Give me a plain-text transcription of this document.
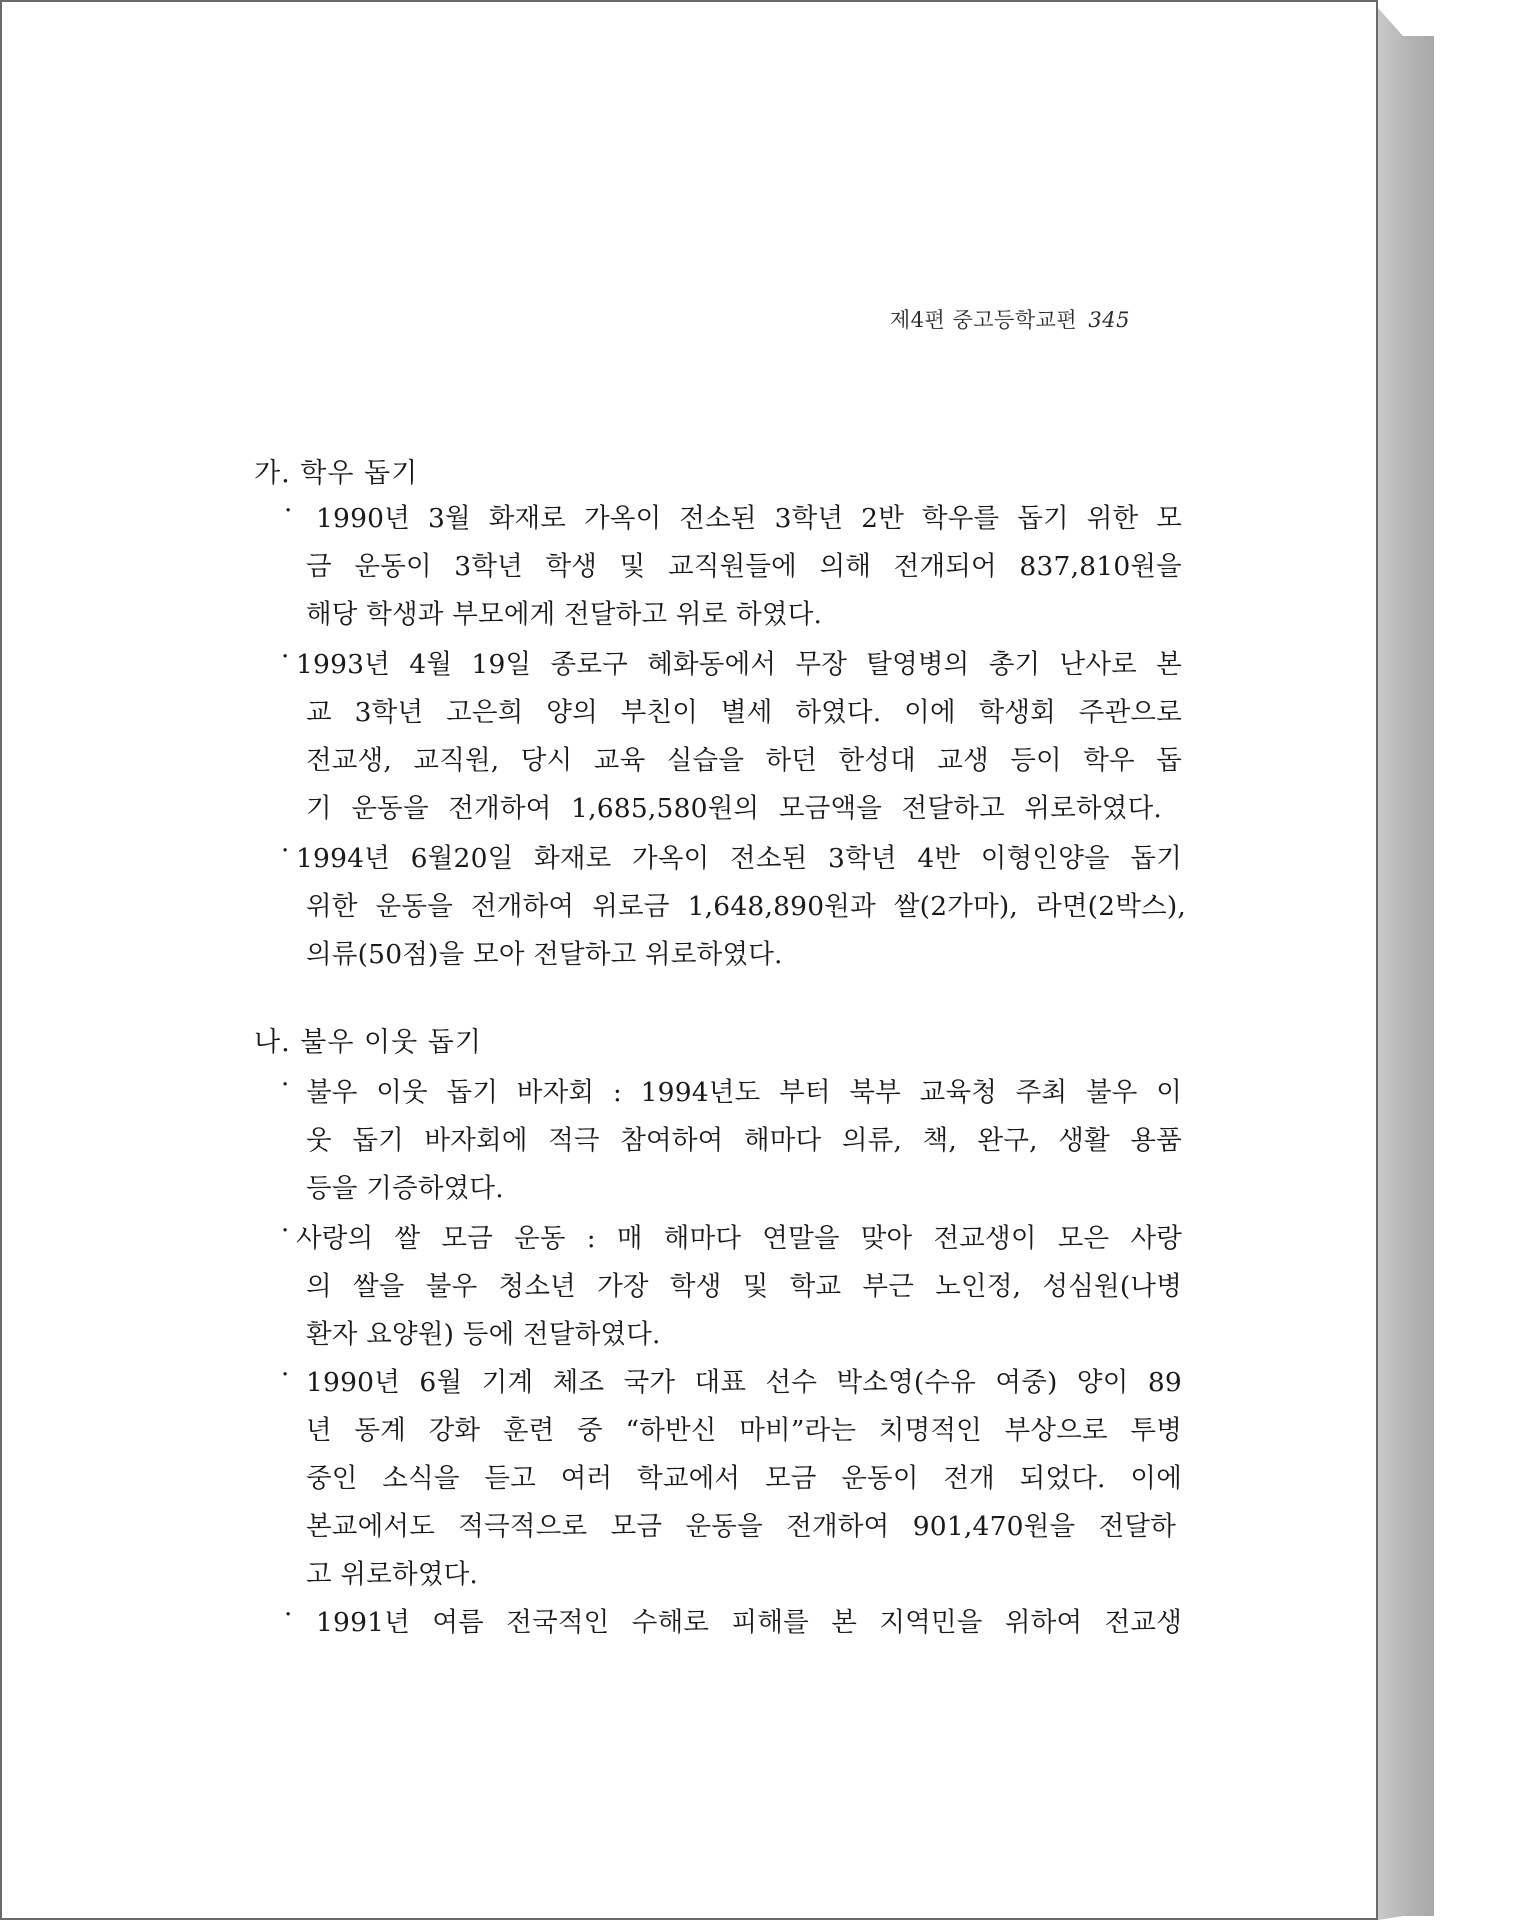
제4편 중고등학교편 345
가. 학우 돕기
· 1990년 3월 화재로 가옥이 전소된 3학년 2반 학우를 돕기 위한 모
금 운동이 3학년 학생 및 교직원들에 의해 전개되어 837,810원을
해당 학생과 부모에게 전달하고 위로 하였다.
· 1993년 4월 19일 종로구 혜화동에서 무장 탈영병의 총기 난사로 본
교 3학년 고은희 양의 부친이 별세 하였다. 이에 학생회 주관으로
전교생, 교직원, 당시 교육 실습을 하던 한성대 교생 등이 학우 돕
기 운동을 전개하여 1,685,580원의 모금액을 전달하고 위로하였다.
· 1994년 6월20일 화재로 가옥이 전소된 3학년 4반 이형인양을 돕기
위한 운동을 전개하여 위로금 1,648,890원과 쌀(2가마), 라면(2박스),
의류(50점)을 모아 전달하고 위로하였다.
나. 불우 이웃 돕기
· 불우 이웃 돕기 바자회 : 1994년도 부터 북부 교육청 주최 불우 이
웃 돕기 바자회에 적극 참여하여 해마다 의류, 책, 완구, 생활 용품
등을 기증하였다.
· 사랑의 쌀 모금 운동 : 매 해마다 연말을 맞아 전교생이 모은 사랑
의 쌀을 불우 청소년 가장 학생 및 학교 부근 노인정, 성심원(나병
환자 요양원) 등에 전달하였다.
· 1990년 6월 기계 체조 국가 대표 선수 박소영(수유 여중) 양이 89
년 동계 강화 훈련 중 “하반신 마비”라는 치명적인 부상으로 투병
중인 소식을 듣고 여러 학교에서 모금 운동이 전개 되었다. 이에
본교에서도 적극적으로 모금 운동을 전개하여 901,470원을 전달하
고 위로하였다.
· 1991년 여름 전국적인 수해로 피해를 본 지역민을 위하여 전교생
